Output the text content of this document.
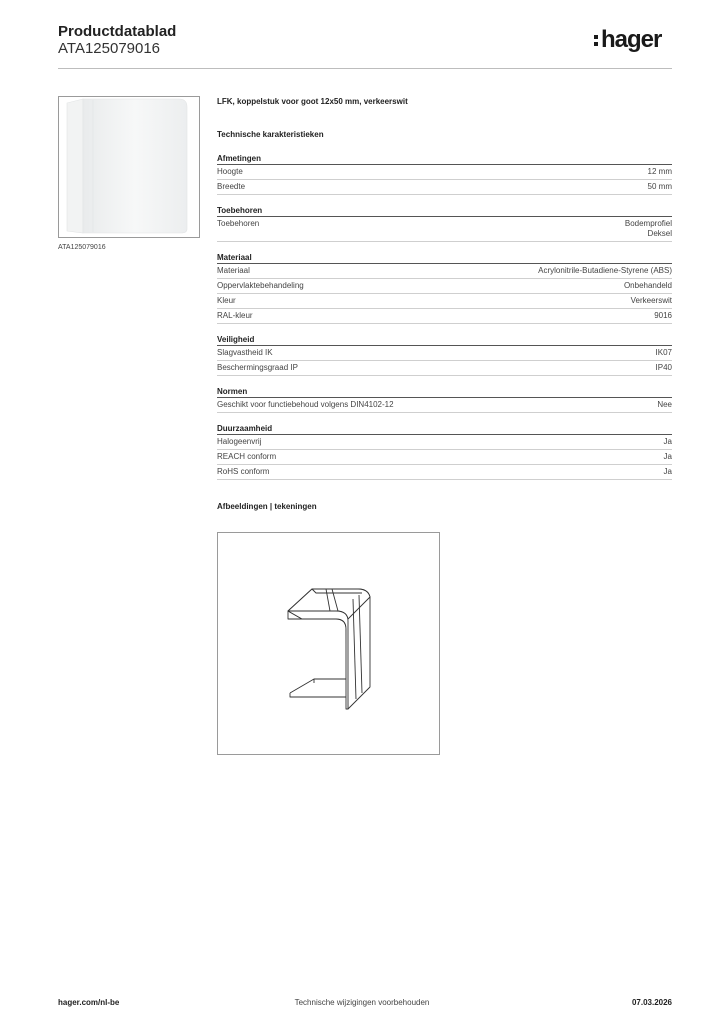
Productdatablad
ATA125079016	hager
ATA125079016
LFK, koppelstuk voor goot 12x50 mm, verkeerswit
Technische karakteristieken
Afmetingen
Hoogte	12 mm
Breedte	50 mm
Toebehoren
Toebehoren	Bodemprofiel
Deksel
Materiaal
Materiaal	Acrylonitrile-Butadiene-Styrene (ABS)
Oppervlaktebehandeling	Onbehandeld
Kleur	Verkeerswit
RAL-kleur	9016
Veiligheid
Slagvastheid IK	IK07
Beschermingsgraad IP	IP40
Normen
Geschikt voor functiebehoud volgens DIN4102-12	Nee
Duurzaamheid
Halogeenvrij	Ja
REACH conform	Ja
RoHS conform	Ja
Afbeeldingen | tekeningen
hager.com/nl-be	Technische wijzigingen voorbehouden	07.03.2026
